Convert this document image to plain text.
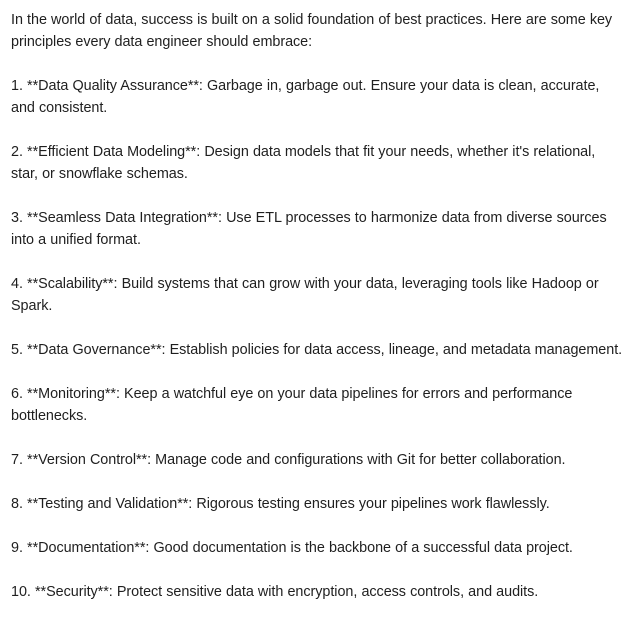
In the world of data, success is built on a solid foundation of best practices. Here are some key principles every data engineer should embrace:

1. **Data Quality Assurance**: Garbage in, garbage out. Ensure your data is clean, accurate, and consistent.

2. **Efficient Data Modeling**: Design data models that fit your needs, whether it's relational, star, or snowflake schemas.

3. **Seamless Data Integration**: Use ETL processes to harmonize data from diverse sources into a unified format.

4. **Scalability**: Build systems that can grow with your data, leveraging tools like Hadoop or Spark.

5. **Data Governance**: Establish policies for data access, lineage, and metadata management.

6. **Monitoring**: Keep a watchful eye on your data pipelines for errors and performance bottlenecks.

7. **Version Control**: Manage code and configurations with Git for better collaboration.

8. **Testing and Validation**: Rigorous testing ensures your pipelines work flawlessly.

9. **Documentation**: Good documentation is the backbone of a successful data project.

10. **Security**: Protect sensitive data with encryption, access controls, and audits.
